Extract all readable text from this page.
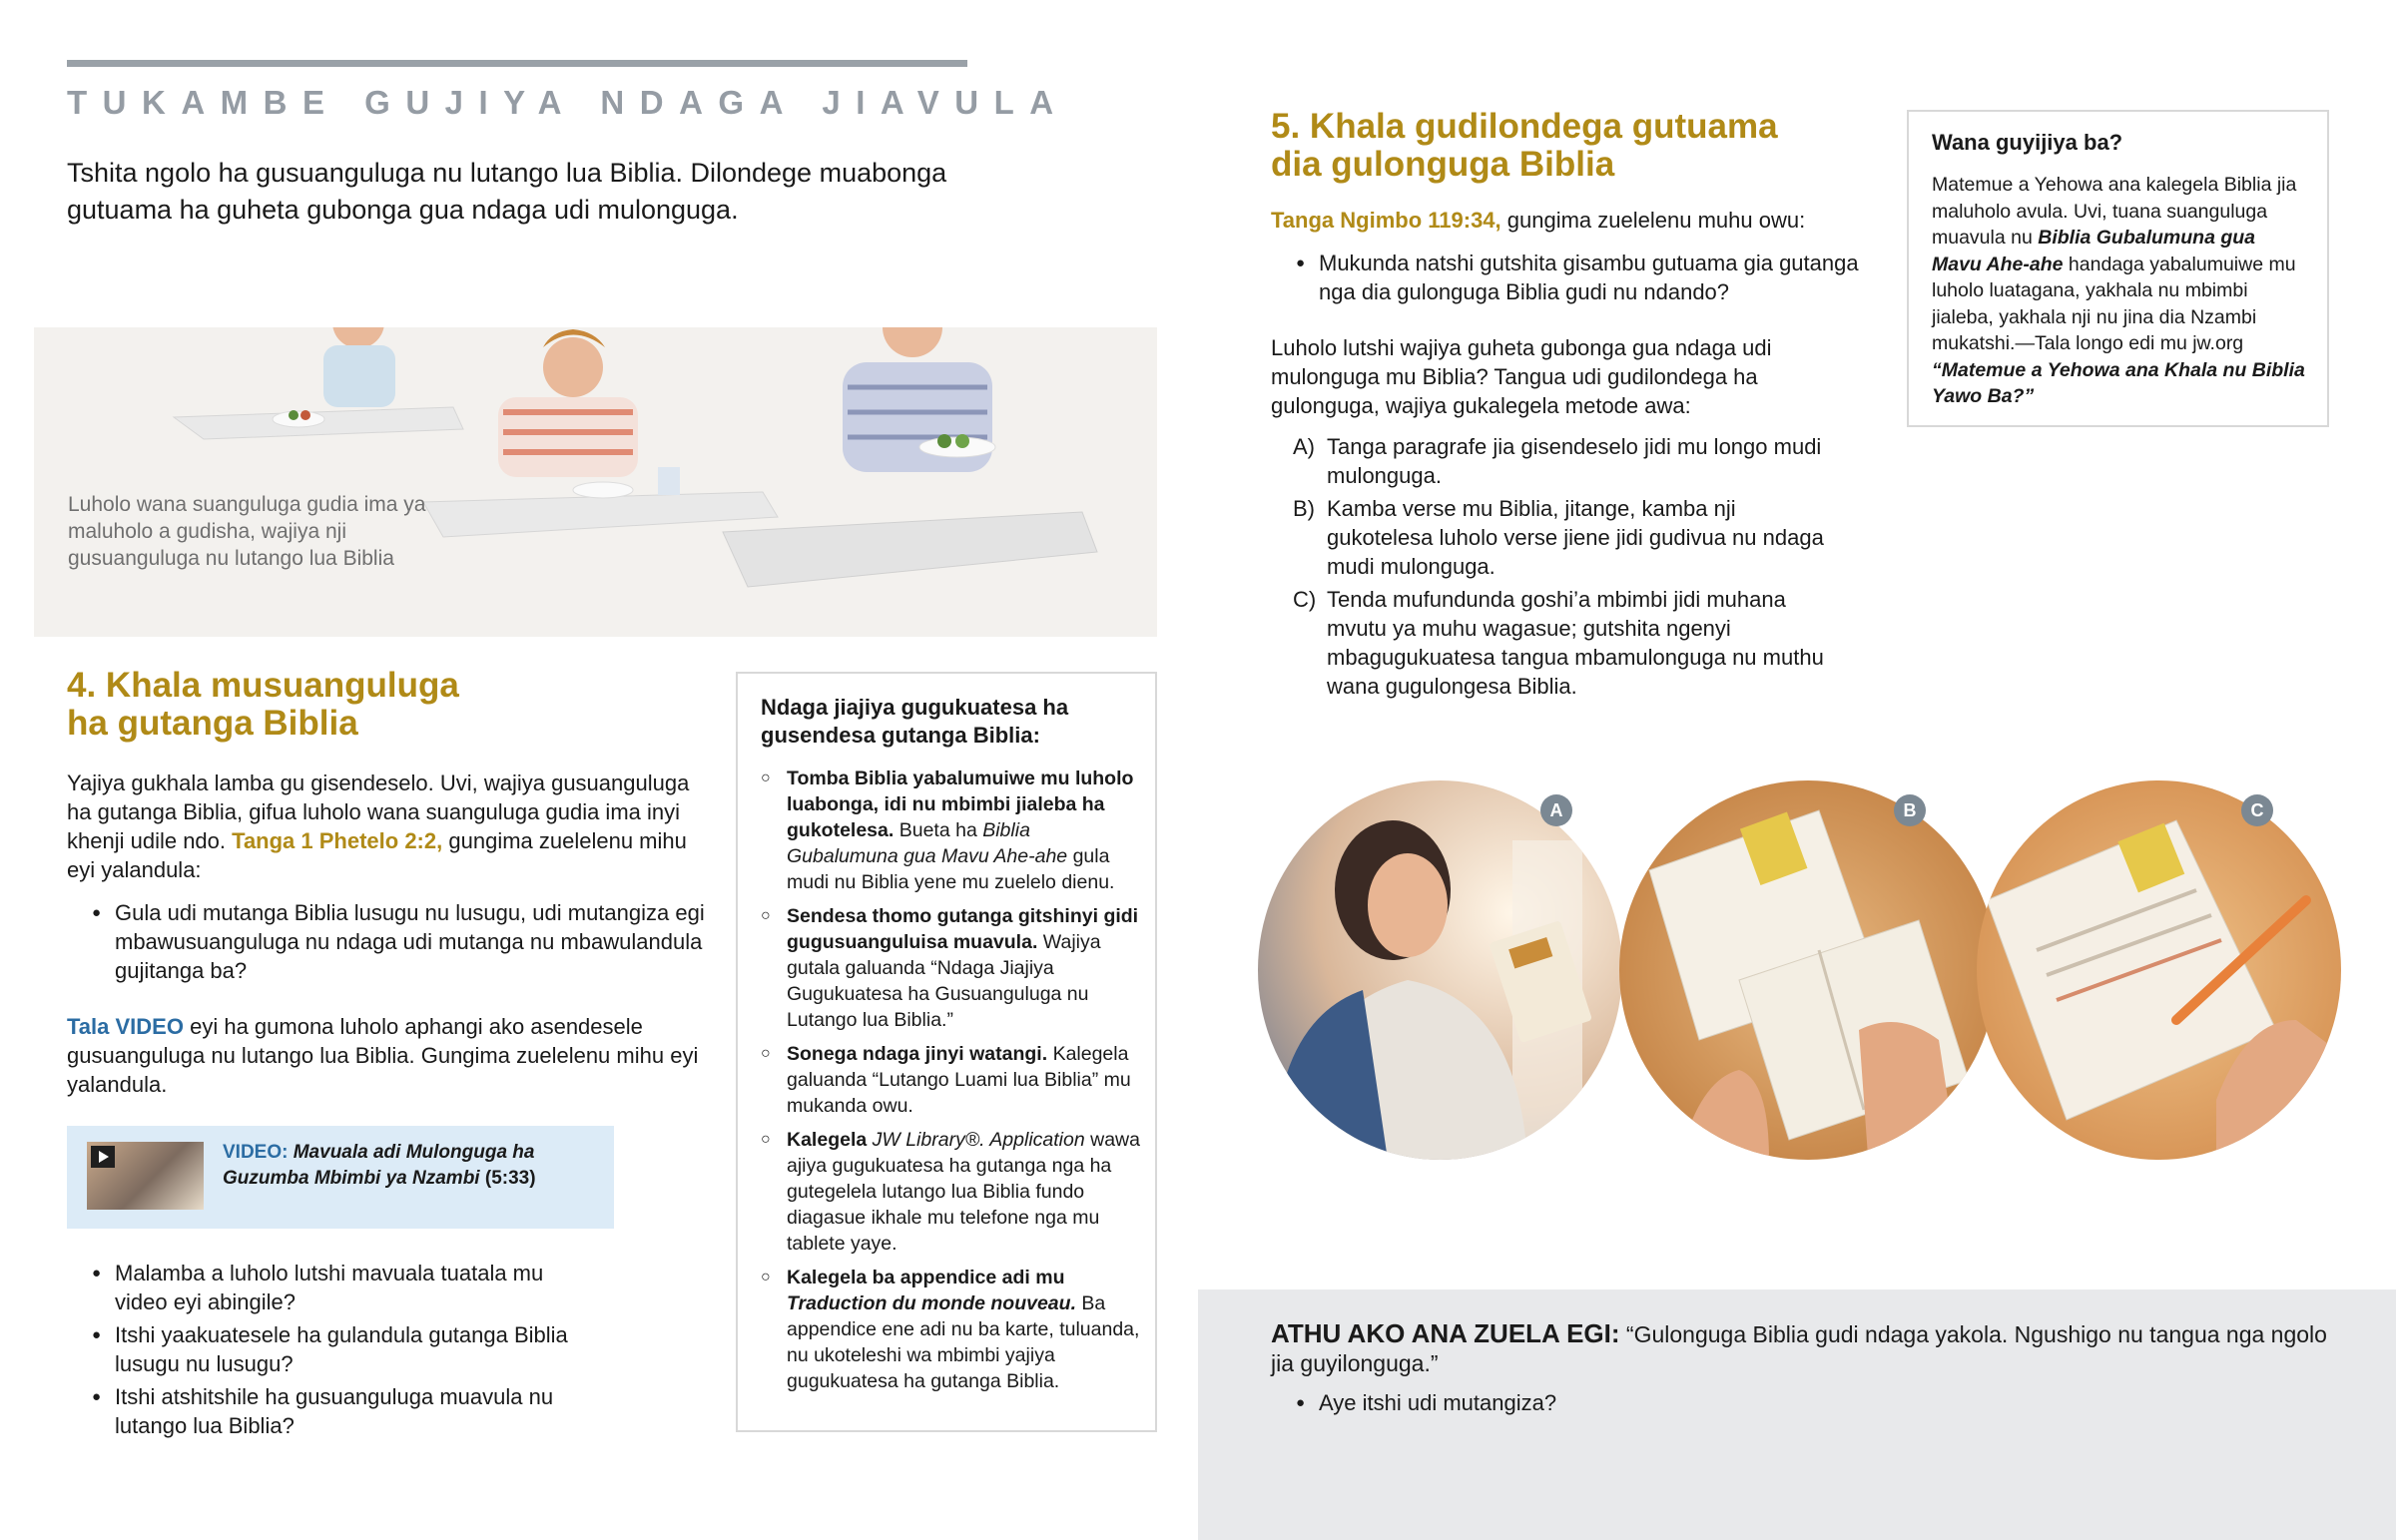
TUKAMBE GUJIYA NDAGA JIAVULA
Tshita ngolo ha gusuanguluga nu lutango lua Biblia. Dilondege muabonga gutuama ha guheta gubonga gua ndaga udi mulonguga.
Luholo wana suanguluga gudia ima ya maluholo a gudisha, wajiya nji gusuanguluga nu lutango lua Biblia
4. Khala musuanguluga
ha gutanga Biblia
Yajiya gukhala lamba gu gisendeselo. Uvi, wajiya gusuanguluga ha gutanga Biblia, gifua luholo wana suanguluga gudia ima inyi khenji udile ndo. Tanga 1 Phetelo 2:2, gungima zuelelenu mihu eyi yalandula:
● Gula udi mutanga Biblia lusugu nu lusugu, udi mutangiza egi mbawusuanguluga nu ndaga udi mutanga nu mbawulandula gujitanga ba?
Tala VIDEO eyi ha gumona luholo aphangi ako asendesele gusuanguluga nu lutango lua Biblia. Gungima zuelelenu mihu eyi yalandula.
VIDEO: Mavuala adi Mulonguga ha Guzumba Mbimbi ya Nzambi (5:33)
● Malamba a luholo lutshi mavuala tuatala mu video eyi abingile?
● Itshi yaakuatesele ha gulandula gutanga Biblia lusugu nu lusugu?
● Itshi atshitshile ha gusuanguluga muavula nu lutango lua Biblia?
Ndaga jiajiya gugukuatesa ha gusendesa gutanga Biblia:
○ Tomba Biblia yabalumuiwe mu luholo luabonga, idi nu mbimbi jialeba ha gukotelesa. Bueta ha Biblia Gubalumuna gua Mavu Ahe-ahe gula mudi nu Biblia yene mu zuelelo dienu.
○ Sendesa thomo gutanga gitshinyi gidi gugusuanguluisa muavula. Wajiya gutala galuanda “Ndaga Jiajiya Gugukuatesa ha Gusuanguluga nu Lutango lua Biblia.”
○ Sonega ndaga jinyi watangi. Kalegela galuanda “Lutango Luami lua Biblia” mu mukanda owu.
○ Kalegela JW Library®. Application wawa ajiya gugukuatesa ha gutanga nga ha gutegelela lutango lua Biblia fundo diagasue ikhale mu telefone nga mu tablete yaye.
○ Kalegela ba appendice adi mu Traduction du monde nouveau. Ba appendice ene adi nu ba karte, tuluanda, nu ukoteleshi wa mbimbi yajiya gugukuatesa ha gutanga Biblia.
5. Khala gudilondega gutuama
dia gulonguga Biblia
Tanga Ngimbo 119:34, gungima zuelelenu muhu owu:
● Mukunda natshi gutshita gisambu gutuama gia gutanga nga dia gulonguga Biblia gudi nu ndando?
Luholo lutshi wajiya guheta gubonga gua ndaga udi mulonguga mu Biblia? Tangua udi gudilondega ha gulonguga, wajiya gukalegela metode awa:
A) Tanga paragrafe jia gisendeselo jidi mu longo mudi mulonguga.
B) Kamba verse mu Biblia, jitange, kamba nji gukotelesa luholo verse jiene jidi gudivua nu ndaga mudi mulonguga.
C) Tenda mufundunda goshi’a mbimbi jidi muhana mvutu ya muhu wagasue; gutshita ngenyi mbagugukuatesa tangua mbamulonguga nu muthu wana gugulongesa Biblia.
Wana guyijiya ba?
Matemue a Yehowa ana kalegela Biblia jia maluholo avula. Uvi, tuana suanguluga muavula nu Biblia Gubalumuna gua Mavu Ahe-ahe handaga yabalumuiwe mu luholo luatagana, yakhala nu mbimbi jialeba, yakhala nji nu jina dia Nzambi mukatshi.—Tala longo edi mu jw.org “Matemue a Yehowa ana Khala nu Biblia Yawo Ba?”
A	B	C
ATHU AKO ANA ZUELA EGI: “Gulonguga Biblia gudi ndaga yakola. Ngushigo nu tangua nga ngolo jia guyilonguga.”
● Aye itshi udi mutangiza?
